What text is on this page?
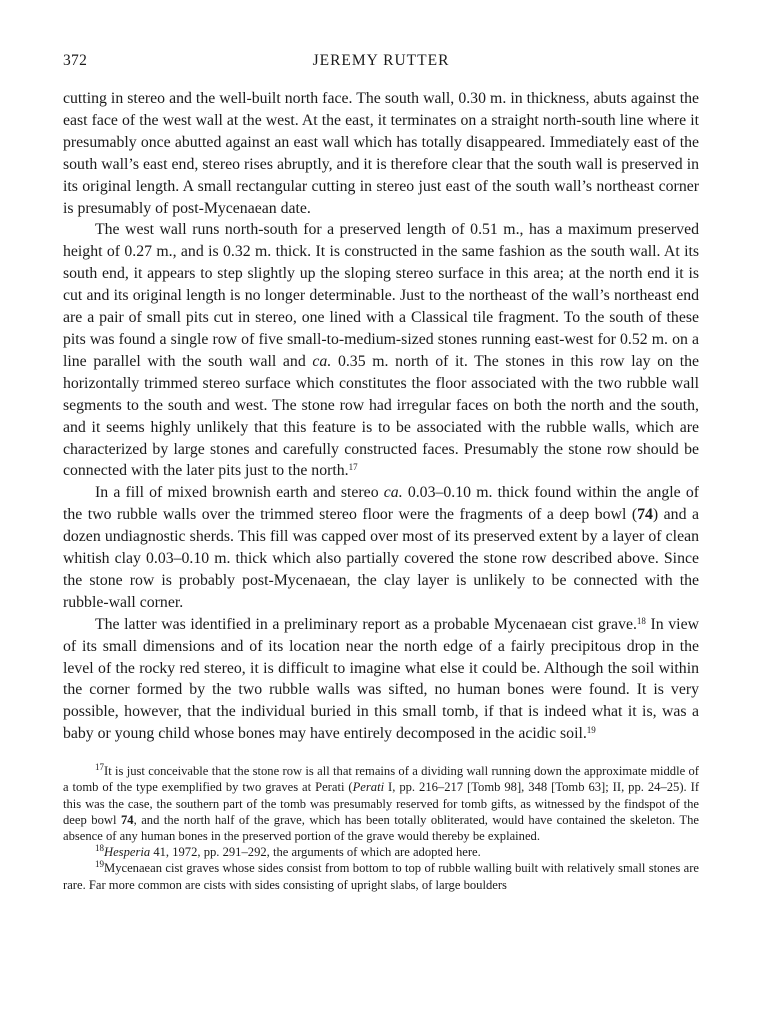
372	JEREMY RUTTER

cutting in stereo and the well-built north face. The south wall, 0.30 m. in thickness, abuts against the east face of the west wall at the west. At the east, it terminates on a straight north-south line where it presumably once abutted against an east wall which has totally disappeared. Immediately east of the south wall’s east end, stereo rises abruptly, and it is therefore clear that the south wall is preserved in its original length. A small rectangular cutting in stereo just east of the south wall’s northeast corner is presumably of post-Mycenaean date.

The west wall runs north-south for a preserved length of 0.51 m., has a maximum preserved height of 0.27 m., and is 0.32 m. thick. It is constructed in the same fashion as the south wall. At its south end, it appears to step slightly up the sloping stereo surface in this area; at the north end it is cut and its original length is no longer determinable. Just to the northeast of the wall’s northeast end are a pair of small pits cut in stereo, one lined with a Classical tile fragment. To the south of these pits was found a single row of five small-to-medium-sized stones running east-west for 0.52 m. on a line parallel with the south wall and ca. 0.35 m. north of it. The stones in this row lay on the horizontally trimmed stereo surface which constitutes the floor associated with the two rubble wall segments to the south and west. The stone row had irregular faces on both the north and the south, and it seems highly unlikely that this feature is to be associated with the rubble walls, which are characterized by large stones and carefully constructed faces. Presumably the stone row should be connected with the later pits just to the north.$^{17}$

In a fill of mixed brownish earth and stereo ca. 0.03–0.10 m. thick found within the angle of the two rubble walls over the trimmed stereo floor were the fragments of a deep bowl (74) and a dozen undiagnostic sherds. This fill was capped over most of its preserved extent by a layer of clean whitish clay 0.03–0.10 m. thick which also partially covered the stone row described above. Since the stone row is probably post-Mycenaean, the clay layer is unlikely to be connected with the rubble-wall corner.

The latter was identified in a preliminary report as a probable Mycenaean cist grave.$^{18}$ In view of its small dimensions and of its location near the north edge of a fairly precipitous drop in the level of the rocky red stereo, it is difficult to imagine what else it could be. Although the soil within the corner formed by the two rubble walls was sifted, no human bones were found. It is very possible, however, that the individual buried in this small tomb, if that is indeed what it is, was a baby or young child whose bones may have entirely decomposed in the acidic soil.$^{19}$

$^{17}$It is just conceivable that the stone row is all that remains of a dividing wall running down the approximate middle of a tomb of the type exemplified by two graves at Perati (Perati I, pp. 216–217 [Tomb 98], 348 [Tomb 63]; II, pp. 24–25). If this was the case, the southern part of the tomb was presumably reserved for tomb gifts, as witnessed by the findspot of the deep bowl 74, and the north half of the grave, which has been totally obliterated, would have contained the skeleton. The absence of any human bones in the preserved portion of the grave would thereby be explained.

$^{18}$Hesperia 41, 1972, pp. 291–292, the arguments of which are adopted here.

$^{19}$Mycenaean cist graves whose sides consist from bottom to top of rubble walling built with relatively small stones are rare. Far more common are cists with sides consisting of upright slabs, of large boulders
